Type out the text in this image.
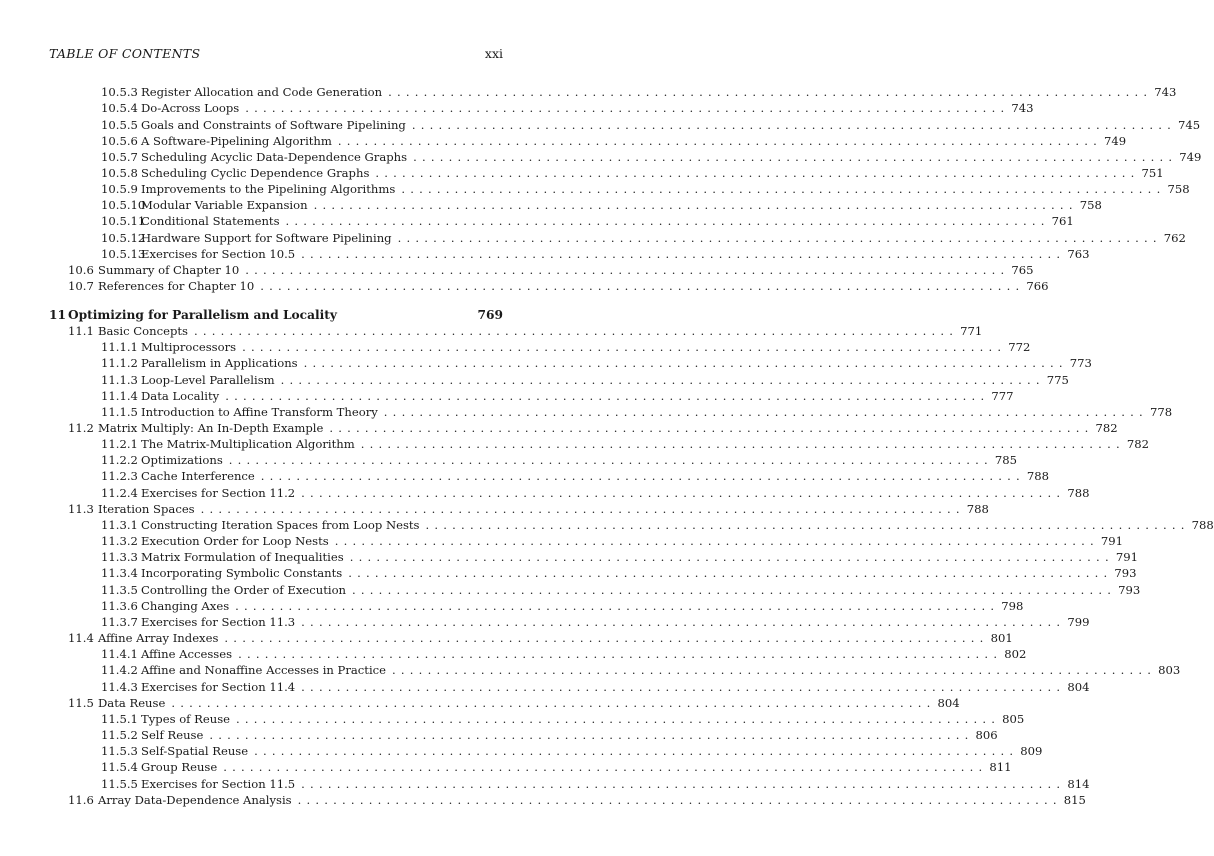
TABLE OF CONTENTS	xxi
10.5.3 Register Allocation and Code Generation ...................................................................................... 743
10.5.4 Do-Across Loops ...................................................................................... 743
10.5.5 Goals and Constraints of Software Pipelining ...................................................................................... 745
10.5.6 A Software-Pipelining Algorithm ...................................................................................... 749
10.5.7 Scheduling Acyclic Data-Dependence Graphs ...................................................................................... 749
10.5.8 Scheduling Cyclic Dependence Graphs ...................................................................................... 751
10.5.9 Improvements to the Pipelining Algorithms ...................................................................................... 758
10.5.10
Modular Variable Expansion ...................................................................................... 758
10.5.11
Conditional Statements ...................................................................................... 761
10.5.12
Hardware Support for Software Pipelining ...................................................................................... 762
10.5.13
Exercises for Section 10.5 ...................................................................................... 763
10.6 Summary of Chapter 10 ...................................................................................... 765
10.7 References for Chapter 10 ...................................................................................... 766
11 Optimizing for Parallelism and Locality	769
11.1 Basic Concepts ...................................................................................... 771
11.1.1 Multiprocessors ...................................................................................... 772
11.1.2 Parallelism in Applications ...................................................................................... 773
11.1.3 Loop-Level Parallelism ...................................................................................... 775
11.1.4 Data Locality ...................................................................................... 777
11.1.5 Introduction to Affine Transform Theory ...................................................................................... 778
11.2 Matrix Multiply: An In-Depth Example ...................................................................................... 782
11.2.1 The Matrix-Multiplication Algorithm ...................................................................................... 782
11.2.2 Optimizations ...................................................................................... 785
11.2.3 Cache Interference ...................................................................................... 788
11.2.4 Exercises for Section 11.2 ...................................................................................... 788
11.3 Iteration Spaces ...................................................................................... 788
11.3.1 Constructing Iteration Spaces from Loop Nests ...................................................................................... 788
11.3.2 Execution Order for Loop Nests ...................................................................................... 791
11.3.3 Matrix Formulation of Inequalities ...................................................................................... 791
11.3.4 Incorporating Symbolic Constants ...................................................................................... 793
11.3.5 Controlling the Order of Execution ...................................................................................... 793
11.3.6 Changing Axes ...................................................................................... 798
11.3.7 Exercises for Section 11.3 ...................................................................................... 799
11.4 Affine Array Indexes ...................................................................................... 801
11.4.1 Affine Accesses ...................................................................................... 802
11.4.2 Affine and Nonaffine Accesses in Practice ...................................................................................... 803
11.4.3 Exercises for Section 11.4 ...................................................................................... 804
11.5 Data Reuse ...................................................................................... 804
11.5.1 Types of Reuse ...................................................................................... 805
11.5.2 Self Reuse ...................................................................................... 806
11.5.3 Self-Spatial Reuse ...................................................................................... 809
11.5.4 Group Reuse ...................................................................................... 811
11.5.5 Exercises for Section 11.5 ...................................................................................... 814
11.6 Array Data-Dependence Analysis ...................................................................................... 815
